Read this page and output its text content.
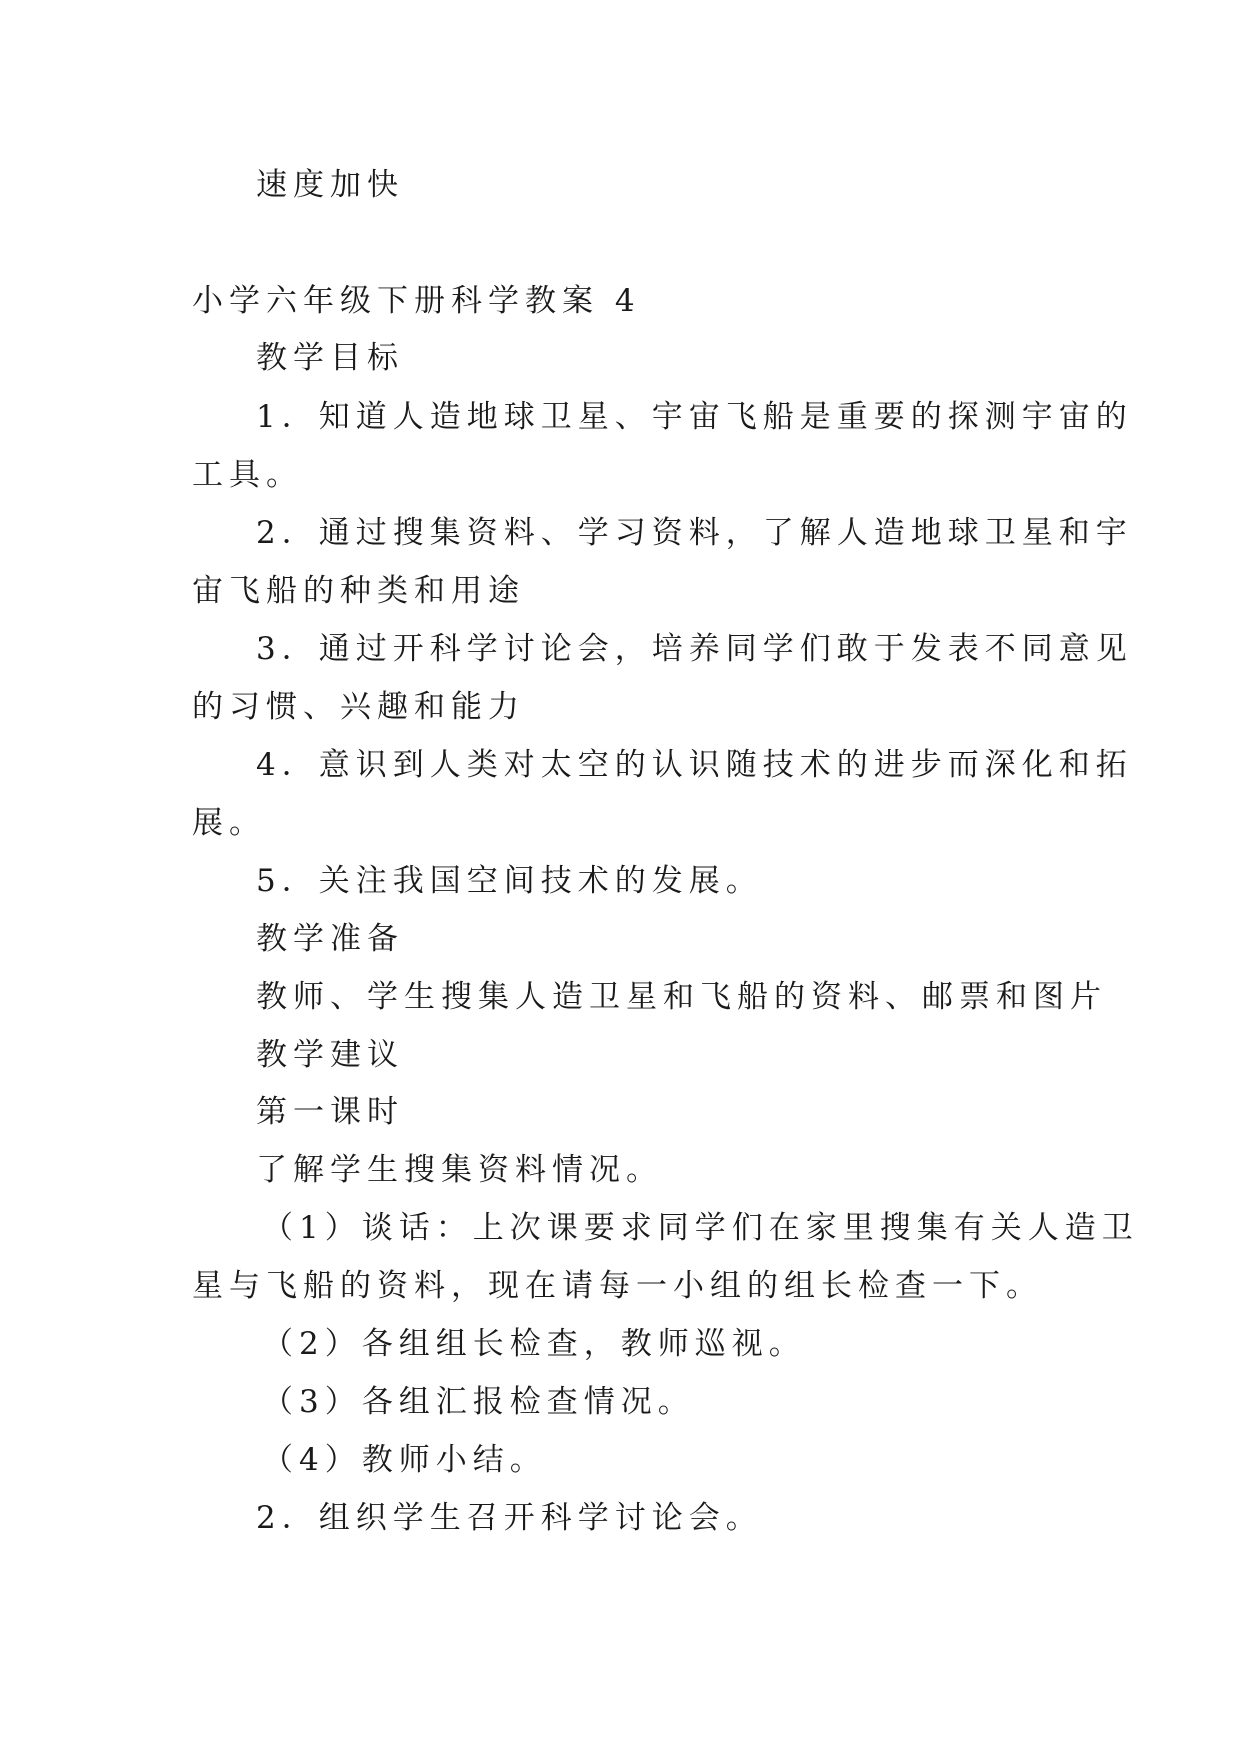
速度加快
小学六年级下册科学教案 4
教学目标
1．知道人造地球卫星、宇宙飞船是重要的探测宇宙的
工具。
2．通过搜集资料、学习资料，了解人造地球卫星和宇
宙飞船的种类和用途
3．通过开科学讨论会，培养同学们敢于发表不同意见
的习惯、兴趣和能力
4．意识到人类对太空的认识随技术的进步而深化和拓
展。
5．关注我国空间技术的发展。
教学准备
教师、学生搜集人造卫星和飞船的资料、邮票和图片
教学建议
第一课时
了解学生搜集资料情况。
（1）谈话：上次课要求同学们在家里搜集有关人造卫
星与飞船的资料，现在请每一小组的组长检查一下。
（2）各组组长检查，教师巡视。
（3）各组汇报检查情况。
（4）教师小结。
2．组织学生召开科学讨论会。
